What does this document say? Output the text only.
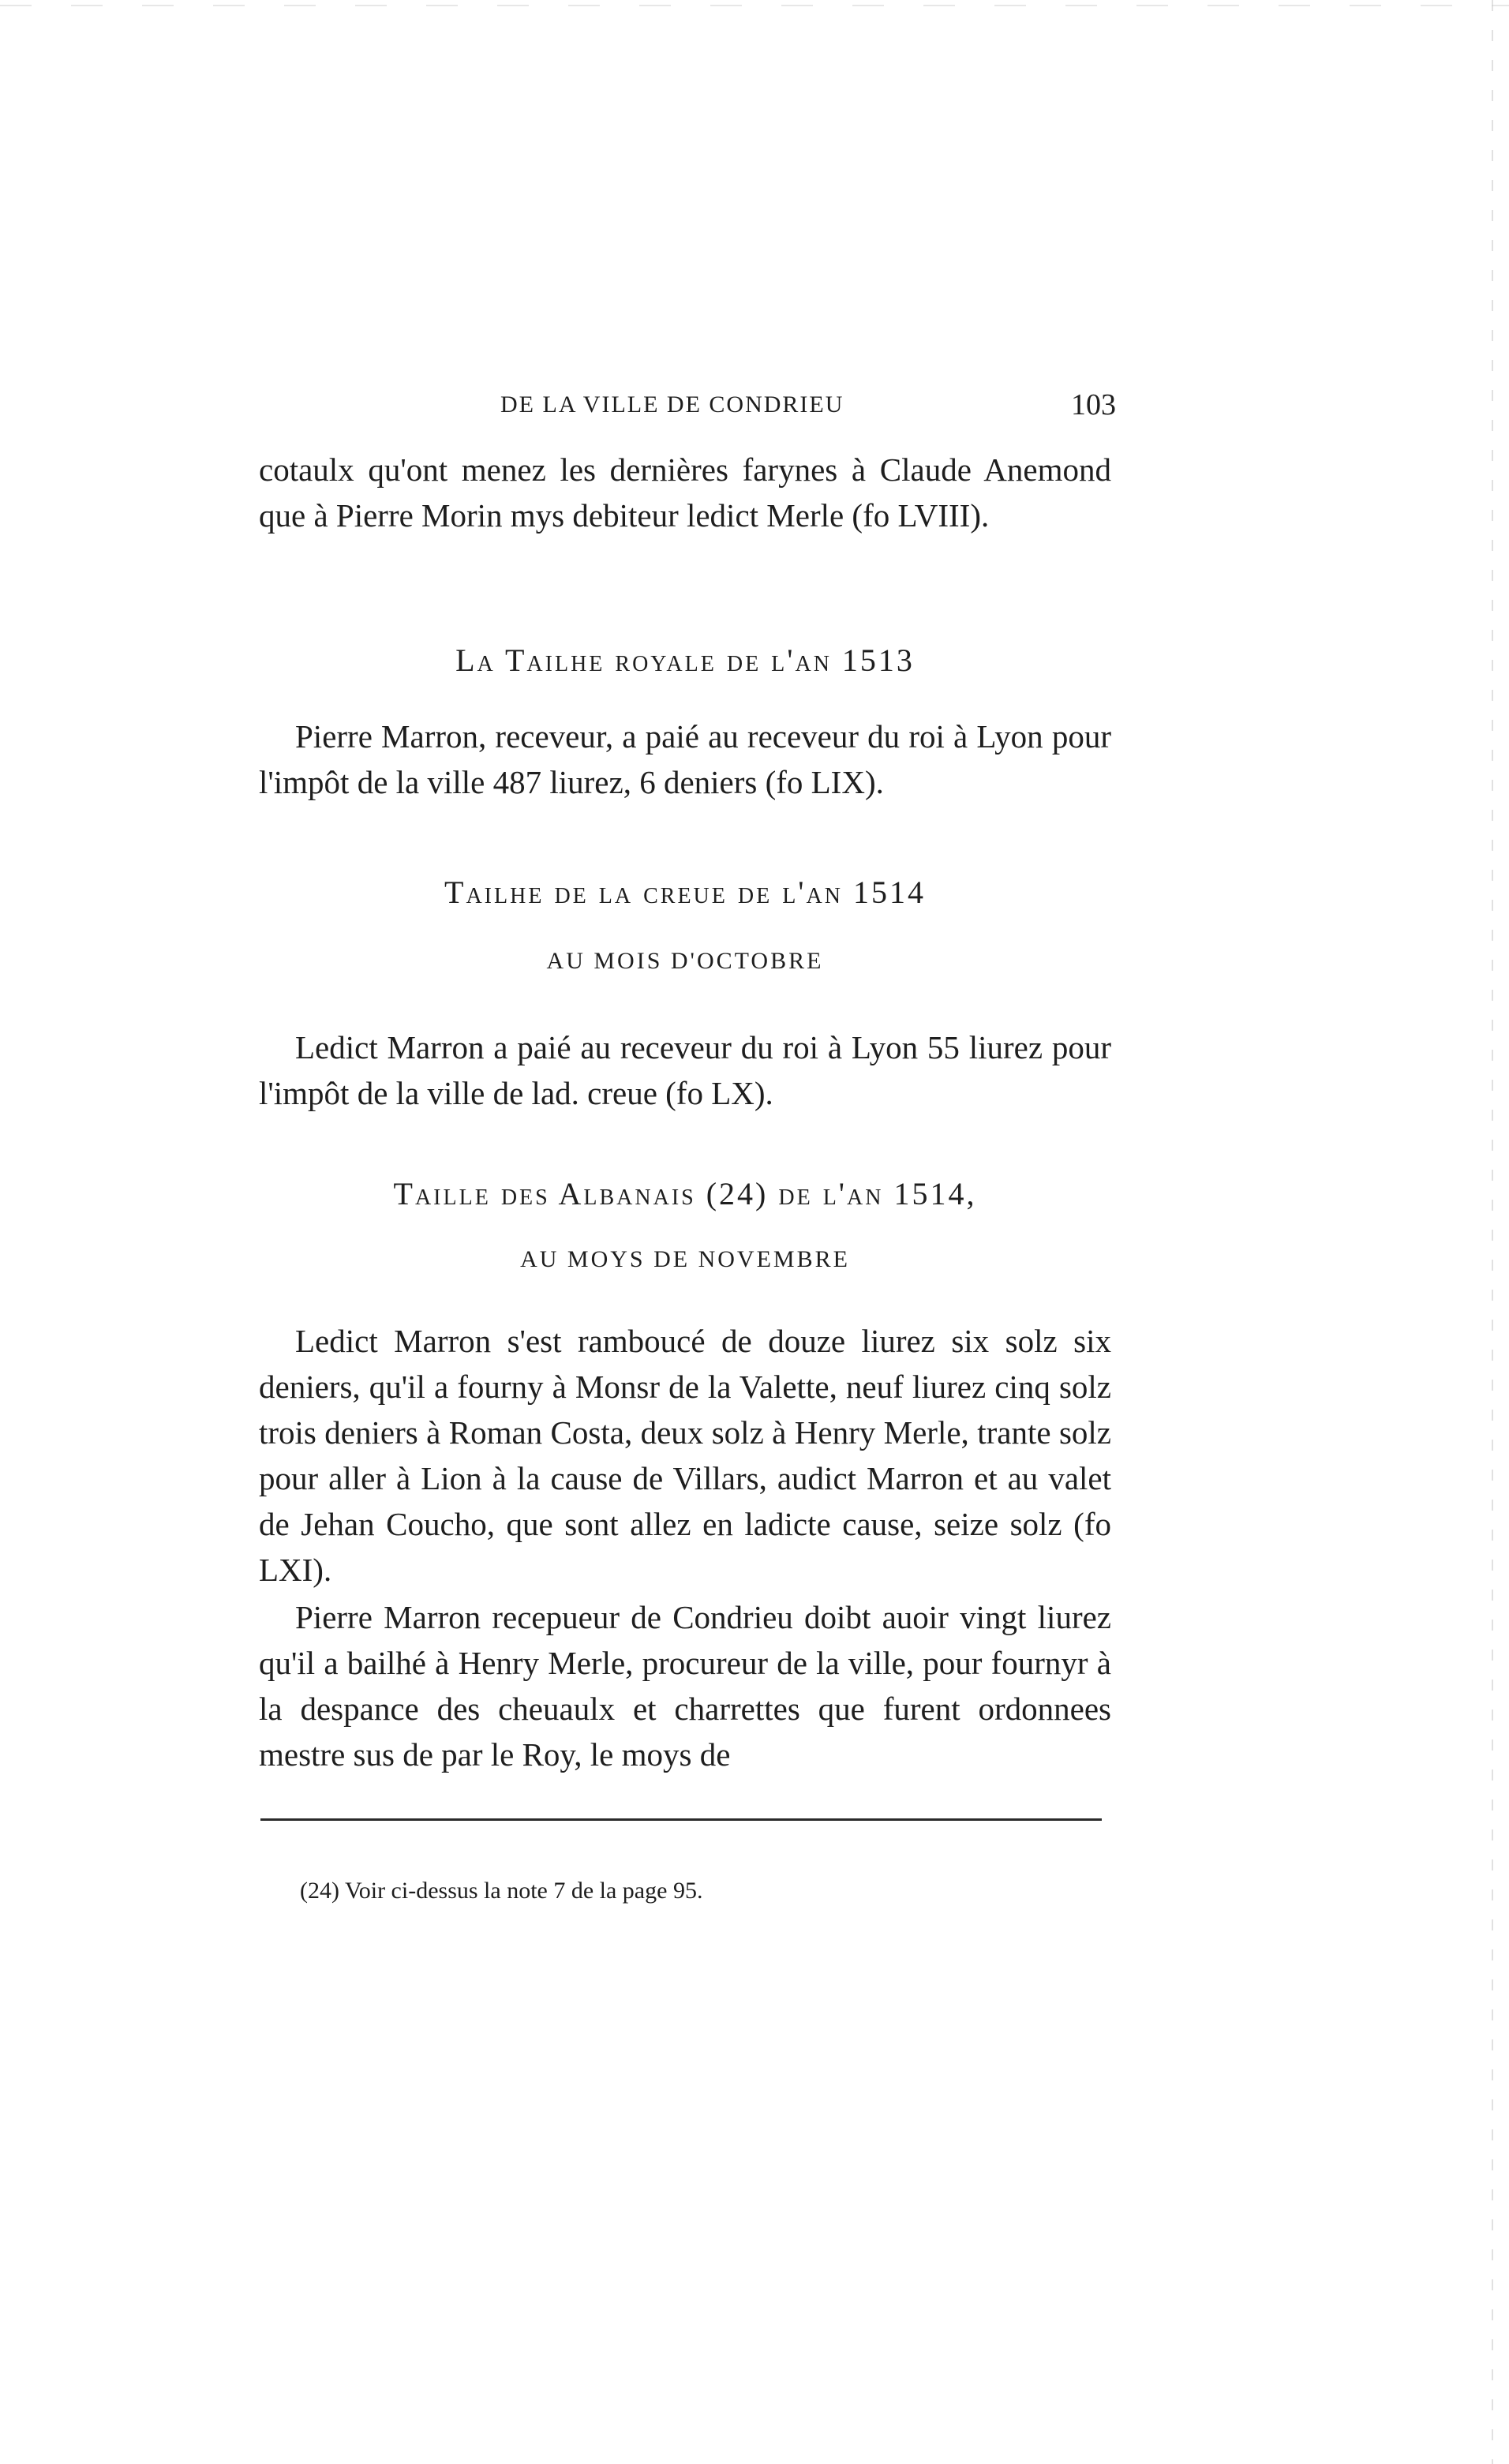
DE LA VILLE DE CONDRIEU	103

cotaulx qu'ont menez les dernières farynes à Claude Anemond que à Pierre Morin mys debiteur ledict Merle (fo LVIII).

La Tailhe royale de l'an 1513

Pierre Marron, receveur, a paié au receveur du roi à Lyon pour l'impôt de la ville 487 liurez, 6 deniers (fo LIX).

Tailhe de la creue de l'an 1514
AU MOIS D'OCTOBRE

Ledict Marron a paié au receveur du roi à Lyon 55 liurez pour l'impôt de la ville de lad. creue (fo LX).

Taille des Albanais (24) de l'an 1514,
AU MOYS DE NOVEMBRE

Ledict Marron s'est ramboucé de douze liurez six solz six deniers, qu'il a fourny à Monsr de la Valette, neuf liurez cinq solz trois deniers à Roman Costa, deux solz à Henry Merle, trante solz pour aller à Lion à la cause de Villars, audict Marron et au valet de Jehan Coucho, que sont allez en ladicte cause, seize solz (fo LXI).

Pierre Marron recepueur de Condrieu doibt auoir vingt liurez qu'il a bailhé à Henry Merle, procureur de la ville, pour fournyr à la despance des cheuaulx et charrettes que furent ordonnees mestre sus de par le Roy, le moys de

(24) Voir ci-dessus la note 7 de la page 95.
